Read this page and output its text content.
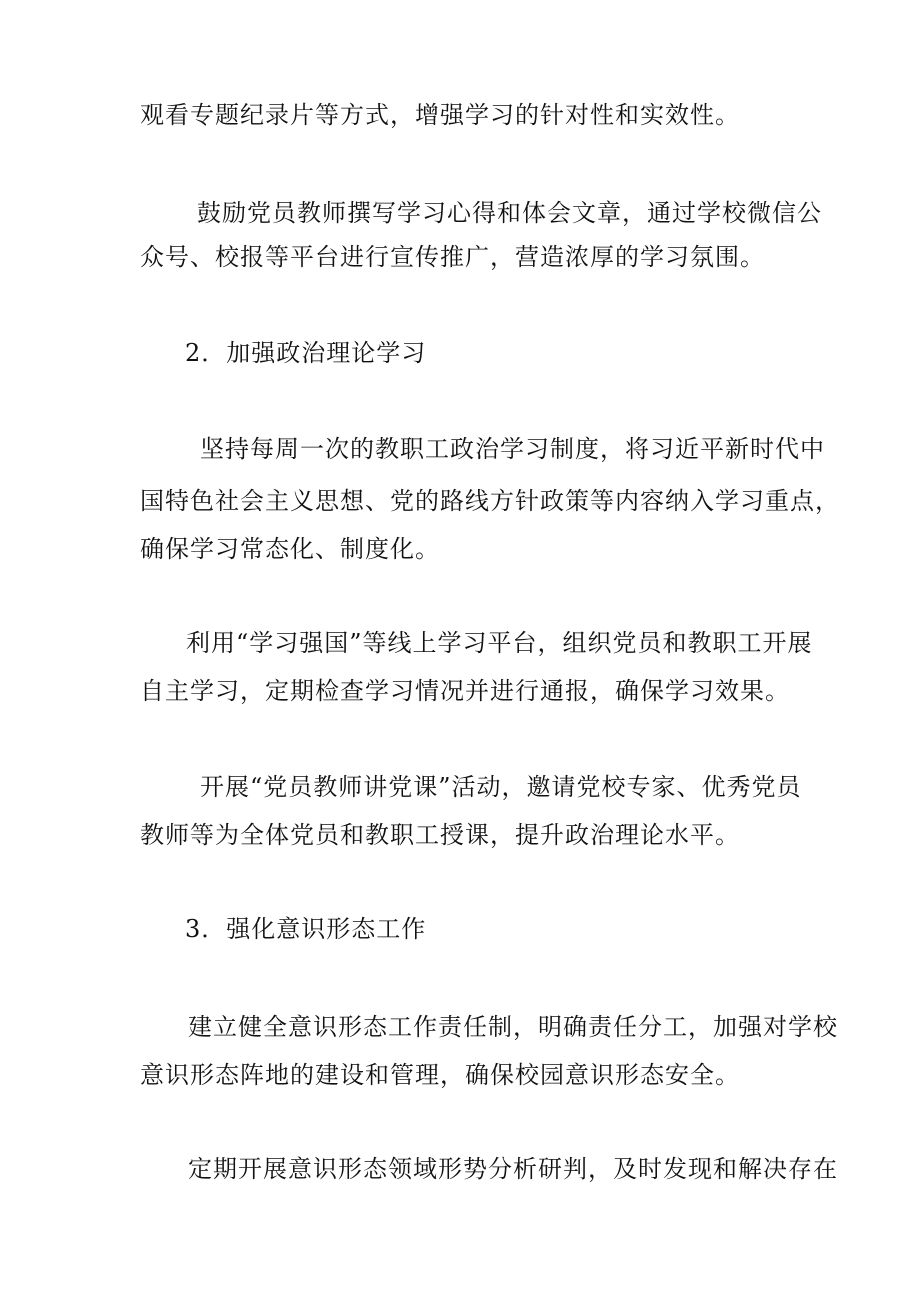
观看专题纪录片等方式，增强学习的针对性和实效性。
鼓励党员教师撰写学习心得和体会文章，通过学校微信公
众号、校报等平台进行宣传推广，营造浓厚的学习氛围。
2．加强政治理论学习
坚持每周一次的教职工政治学习制度，将习近平新时代中
国特色社会主义思想、党的路线方针政策等内容纳入学习重点，
确保学习常态化、制度化。
利用“学习强国”等线上学习平台，组织党员和教职工开展
自主学习，定期检查学习情况并进行通报，确保学习效果。
开展“党员教师讲党课”活动，邀请党校专家、优秀党员
教师等为全体党员和教职工授课，提升政治理论水平。
3．强化意识形态工作
建立健全意识形态工作责任制，明确责任分工，加强对学校
意识形态阵地的建设和管理，确保校园意识形态安全。
定期开展意识形态领域形势分析研判，及时发现和解决存在
